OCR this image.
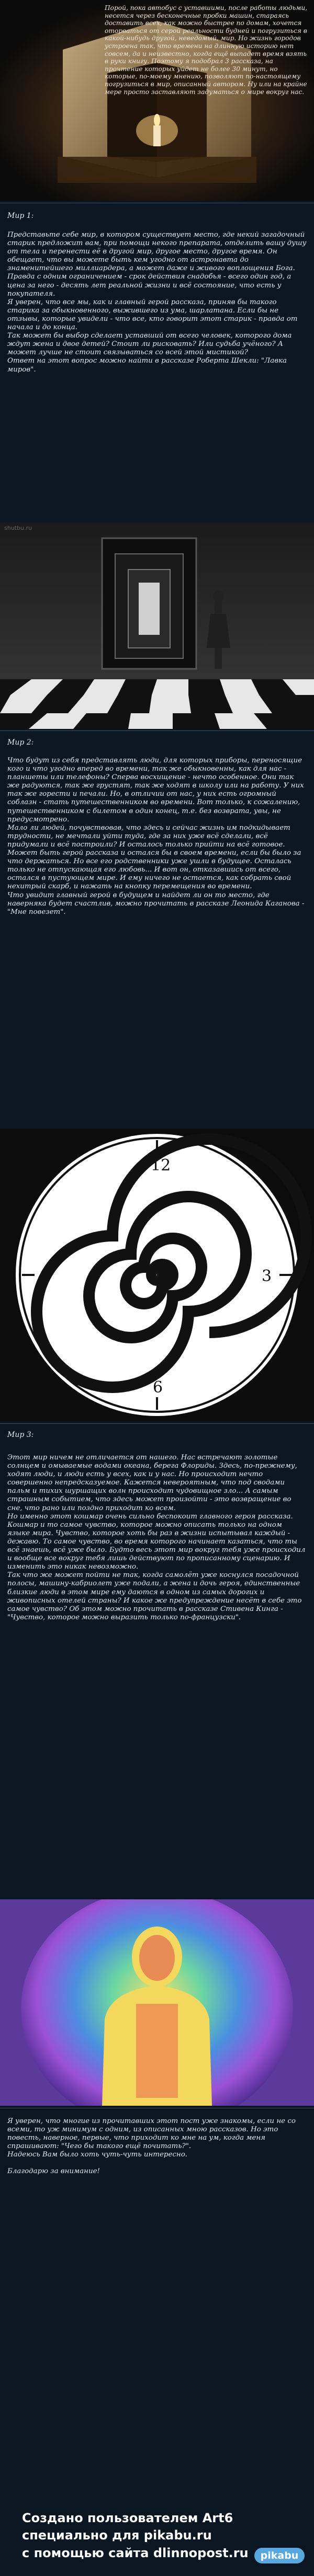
Порой, пока автобус с уставшими, после работы людьми, несется через бесконечные пробки машин, стараясь доставить всех, как можно быстрее по домам, хочется оторваться от серой реальности будней и погрузиться в какой-нибудь другой, неведомый, мир. Но жизнь городов устроена так, что времени на длинную историю нет совсем, да и неизвестно, когда ещё выпадет время взять в руки книгу. Поэтому я подобрал 3 рассказа, на прочтение которых уйдет не более 30 минут, но которые, по-моему мнению, позволяют по-настоящему погрузиться в мир, описанный автором. Ну или на крайне мере просто заставляют задуматься о мире вокруг нас.
Мир 1:
Представьте себе мир, в котором существует место, где некий загадочный старик предложит вам, при помощи некого препарата, отделить вашу душу от тела и перенести её в другой мир, другое место, другое время. Он обещает, что вы можете быть кем угодно от астронавта до знаменитейшего миллиардера, а может даже и живого воплощения Бога. Правда с одним ограничением - срок действия снадобья - всего один год, а цена за него - десять лет реальной жизни и всё состояние, что есть у покупателя.
Я уверен, что все мы, как и главный герой рассказа, приняв бы такого старика за обыкновенного, выжившего из ума, шарлатана. Если бы не отзывы, которые увидели - что все, кто говорит этот старик - правда от начала и до конца.
Так может бы выбор сделает уставший от всего человек, которого дома ждут жена и двое детей? Стоит ли рисковать? Или судьба учёного? А может лучше не стоит связываться со всей этой мистикой?
Ответ на этот вопрос можно найти в рассказе Роберта Шекли: "Лавка миров".
shutbu.ru
Мир 2:
Что будут из себя представлять люди, для которых приборы, переносящие кого и что угодно вперед во времени, так же обыкновенны, как для нас - планшеты или телефоны? Сперва восхищение - нечто особенное. Они так же радуются, так же грустят, так же ходят в школу или на работу. У них так же горести и печали. Но, в отличии от нас, у них есть огромный соблазн - стать путешественником во времени. Вот только, к сожалению, путешественником с билетом в один конец, т.е. без возврата, увы, не предусмотрено.
Мало ли людей, почувствовав, что здесь и сейчас жизнь им подкидывает трудности, не мечтали уйти туда, где за них уже всё сделали, всё придумали и всё построили? И осталось только прийти на всё готовое.
Может быть герой рассказа и остался бы в своем времени, если бы было за что держаться. Но все его родственники уже ушли в будущее. Осталась только не отпускающая его любовь... И вот он, отказавшись от всего, остался в пустующем мире. И ему ничего не остается, как собрать свой нехитрый скарб, и нажать на кнопку перемещения во времени.
Что увидит главный герой в будущем и найдет ли он то место, где наверняка будет счастлив, можно прочитать в рассказе Леонида Каганова - "Мне повезет".
12
3
6
9
Мир 3:
Этот мир ничем не отличается от нашего. Нас встречают золотые солнцем и омываемые водами океана, берега Флориды. Здесь, по-прежнему, ходят люди, и люди есть у всех, как и у нас. Но происходит нечто совершенно непредсказуемое. Кажется невероятным, что под сводами пальм и тихих шуршащих волн происходит чудовищное зло... А самым страшным событием, что здесь может произойти - это возвращение во сне, что рано или поздно приходит ко всем.
Но именно этот кошмар очень сильно беспокоит главного героя рассказа. Кошмар и то самое чувство, которое можно описать только на одном языке мира. Чувство, которое хоть бы раз в жизни испытывал каждый - дежавю. То самое чувство, во время которого начинает казаться, что ты всё знаешь, всё уже было. Будто весь этот мир вокруг тебя уже происходил и вообще все вокруг тебя лишь действуют по прописанному сценарию. И изменить это никак невозможно.
Так что же может пойти не так, когда самолёт уже коснулся посадочной полосы, машину-кабриолет уже подали, а жена и дочь героя, единственные близкие люди в этом мире ему даются в одном из самых дорогих и живописных отелей страны? И какое же предупреждение несёт в себе это самое чувство? Об этом можно прочитать в рассказе Стивена Кинга - "Чувство, которое можно выразить только по-французски".
Я уверен, что многие из прочитавших этот пост уже знакомы, если не со всеми, то уж минимум с одним, из описанных мною рассказов. Но это повесть, наверное, первые, что приходит ко мне на ум, когда меня спрашивают: "Чего бы такого ещё почитать?".
Надеюсь Вам было хоть чуть-чуть интересно.
Благодарю за внимание!
Создано пользователем Art6
специально для pikabu.ru
с помощью сайта dlinnopost.ru	pikabu
